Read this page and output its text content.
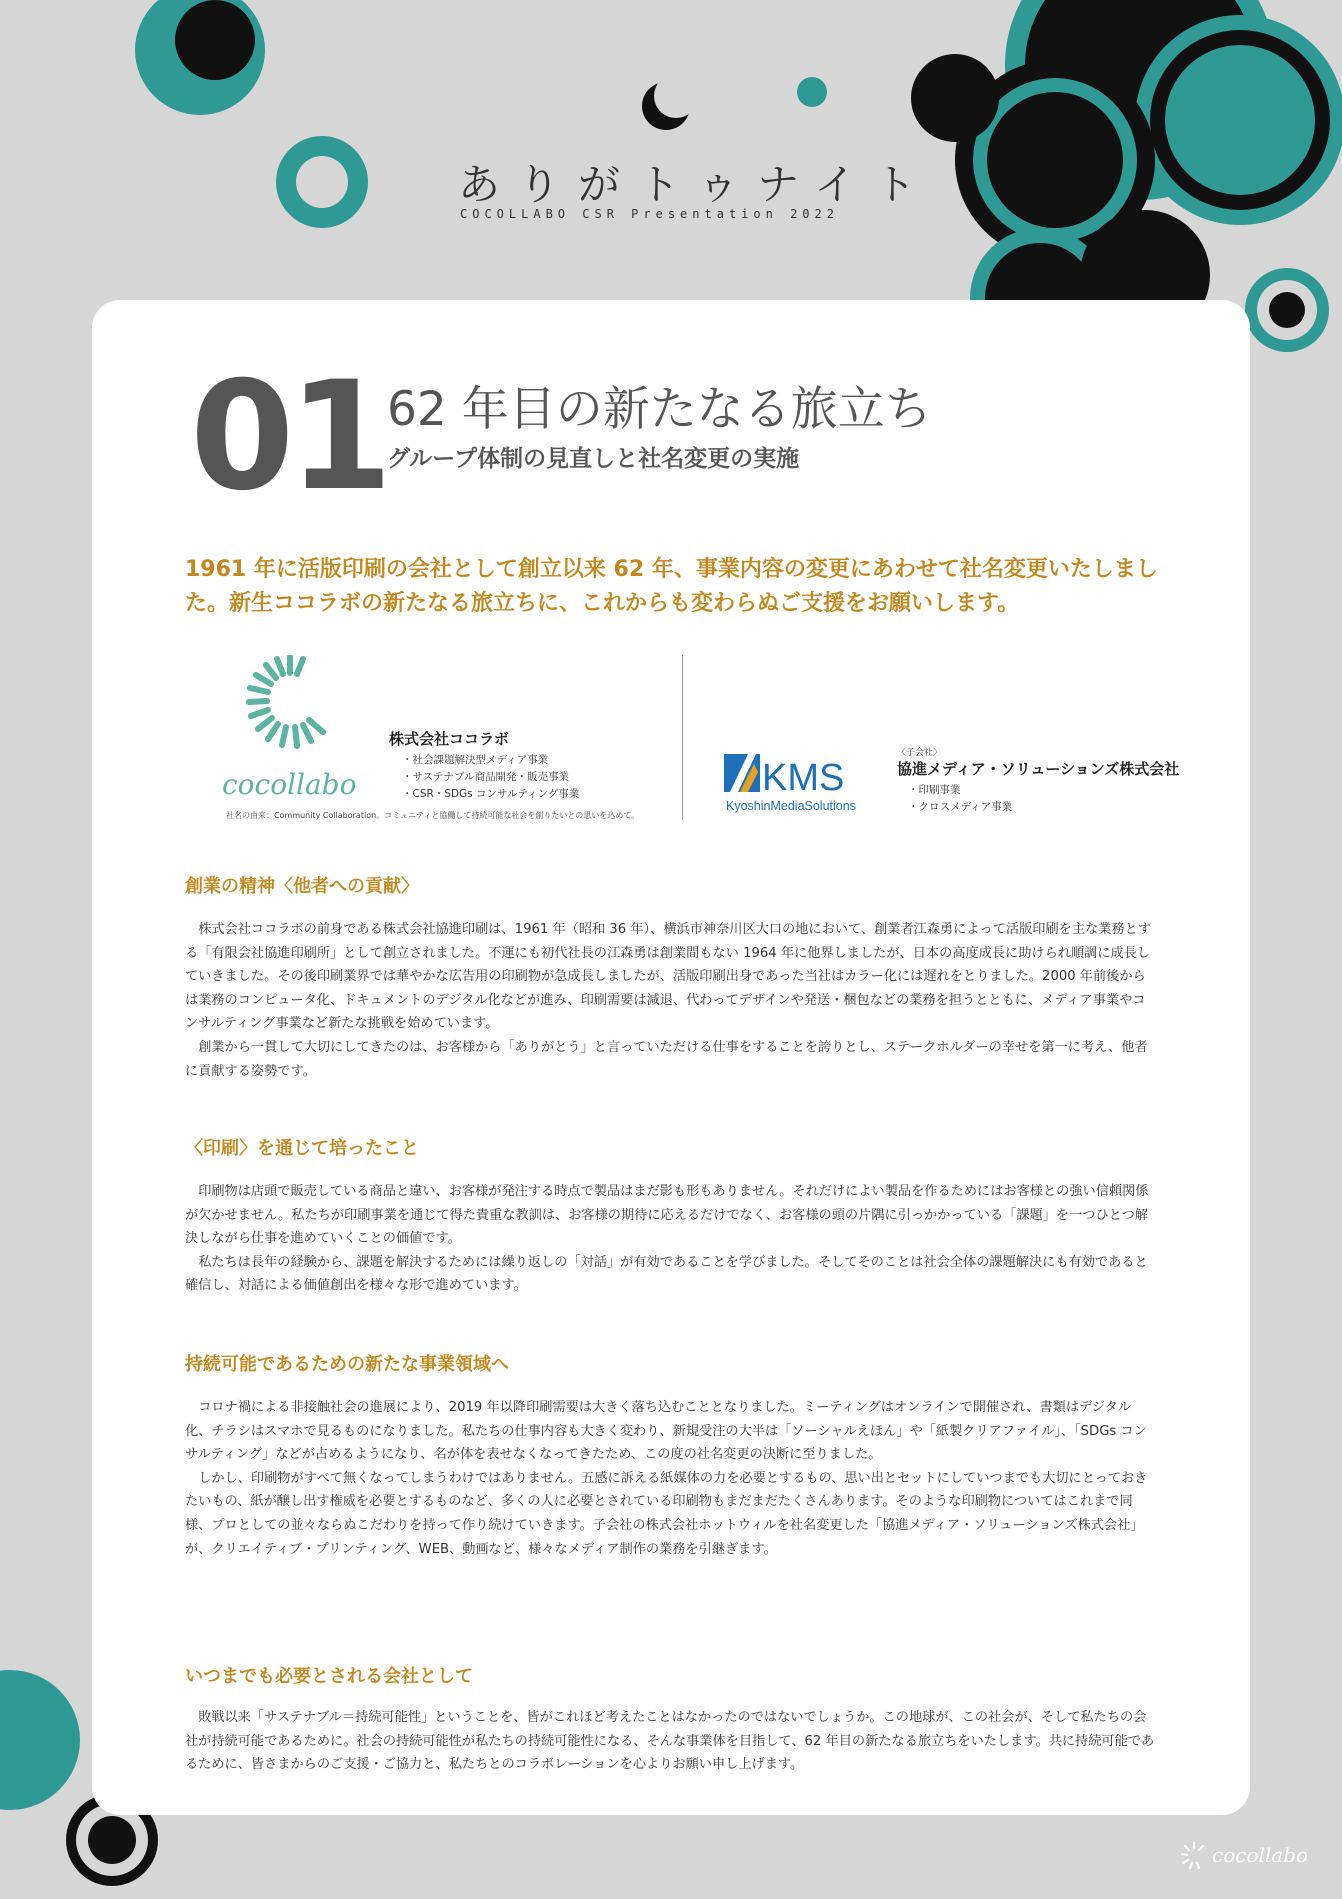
ありがトゥナイト
COCOLLABO CSR Presentation 2022
01 62 年目の新たなる旅立ち
グループ体制の見直しと社名変更の実施
1961 年に活版印刷の会社として創立以来 62 年、事業内容の変更にあわせて社名変更いたしました。新生ココラボの新たなる旅立ちに、これからも変わらぬご支援をお願いします。
cocollabo
株式会社ココラボ
・社会課題解決型メディア事業
・サステナブル商品開発・販売事業
・CSR・SDGs コンサルティング事業
社名の由来：Community Collaboration。コミュニティと協働して持続可能な社会を創りたいとの思いを込めて。
KMS
KyoshinMediaSolutions
〈子会社〉
協進メディア・ソリューションズ株式会社
・印刷事業
・クロスメディア事業
創業の精神〈他者への貢献〉

株式会社ココラボの前身である株式会社協進印刷は、1961 年（昭和 36 年）、横浜市神奈川区大口の地において、創業者江森勇によって活版印刷を主な業務とする「有限会社協進印刷所」として創立されました。不運にも初代社長の江森勇は創業間もない 1964 年に他界しましたが、日本の高度成長に助けられ順調に成長していきました。その後印刷業界では華やかな広告用の印刷物が急成長しましたが、活版印刷出身であった当社はカラー化には遅れをとりました。2000 年前後からは業務のコンピュータ化、ドキュメントのデジタル化などが進み、印刷需要は減退、代わってデザインや発送・梱包などの業務を担うとともに、メディア事業やコンサルティング事業など新たな挑戦を始めています。

創業から一貫して大切にしてきたのは、お客様から「ありがとう」と言っていただける仕事をすることを誇りとし、ステークホルダーの幸せを第一に考え、他者に貢献する姿勢です。

〈印刷〉を通じて培ったこと

印刷物は店頭で販売している商品と違い、お客様が発注する時点で製品はまだ影も形もありません。それだけによい製品を作るためにはお客様との強い信頼関係が欠かせません。私たちが印刷事業を通じて得た貴重な教訓は、お客様の期待に応えるだけでなく、お客様の頭の片隅に引っかかっている「課題」を一つひとつ解決しながら仕事を進めていくことの価値です。

私たちは長年の経験から、課題を解決するためには繰り返しの「対話」が有効であることを学びました。そしてそのことは社会全体の課題解決にも有効であると確信し、対話による価値創出を様々な形で進めています。

持続可能であるための新たな事業領域へ

コロナ禍による非接触社会の進展により、2019 年以降印刷需要は大きく落ち込むこととなりました。ミーティングはオンラインで開催され、書類はデジタル化、チラシはスマホで見るものになりました。私たちの仕事内容も大きく変わり、新規受注の大半は「ソーシャルえほん」や「紙製クリアファイル」、「SDGs コンサルティング」などが占めるようになり、名が体を表せなくなってきたため、この度の社名変更の決断に至りました。

しかし、印刷物がすべて無くなってしまうわけではありません。五感に訴える紙媒体の力を必要とするもの、思い出とセットにしていつまでも大切にとっておきたいもの、紙が醸し出す権威を必要とするものなど、多くの人に必要とされている印刷物もまだまだたくさんあります。そのような印刷物についてはこれまで同様、プロとしての並々ならぬこだわりを持って作り続けていきます。子会社の株式会社ホットウィルを社名変更した「協進メディア・ソリューションズ株式会社」が、クリエイティブ・プリンティング、WEB、動画など、様々なメディア制作の業務を引継ぎます。

いつまでも必要とされる会社として

敗戦以来「サステナブル＝持続可能性」ということを、皆がこれほど考えたことはなかったのではないでしょうか。この地球が、この社会が、そして私たちの会社が持続可能であるために。社会の持続可能性が私たちの持続可能性になる、そんな事業体を目指して、62 年目の新たなる旅立ちをいたします。共に持続可能であるために、皆さまからのご支援・ご協力と、私たちとのコラボレーションを心よりお願い申し上げます。

cocollabo
